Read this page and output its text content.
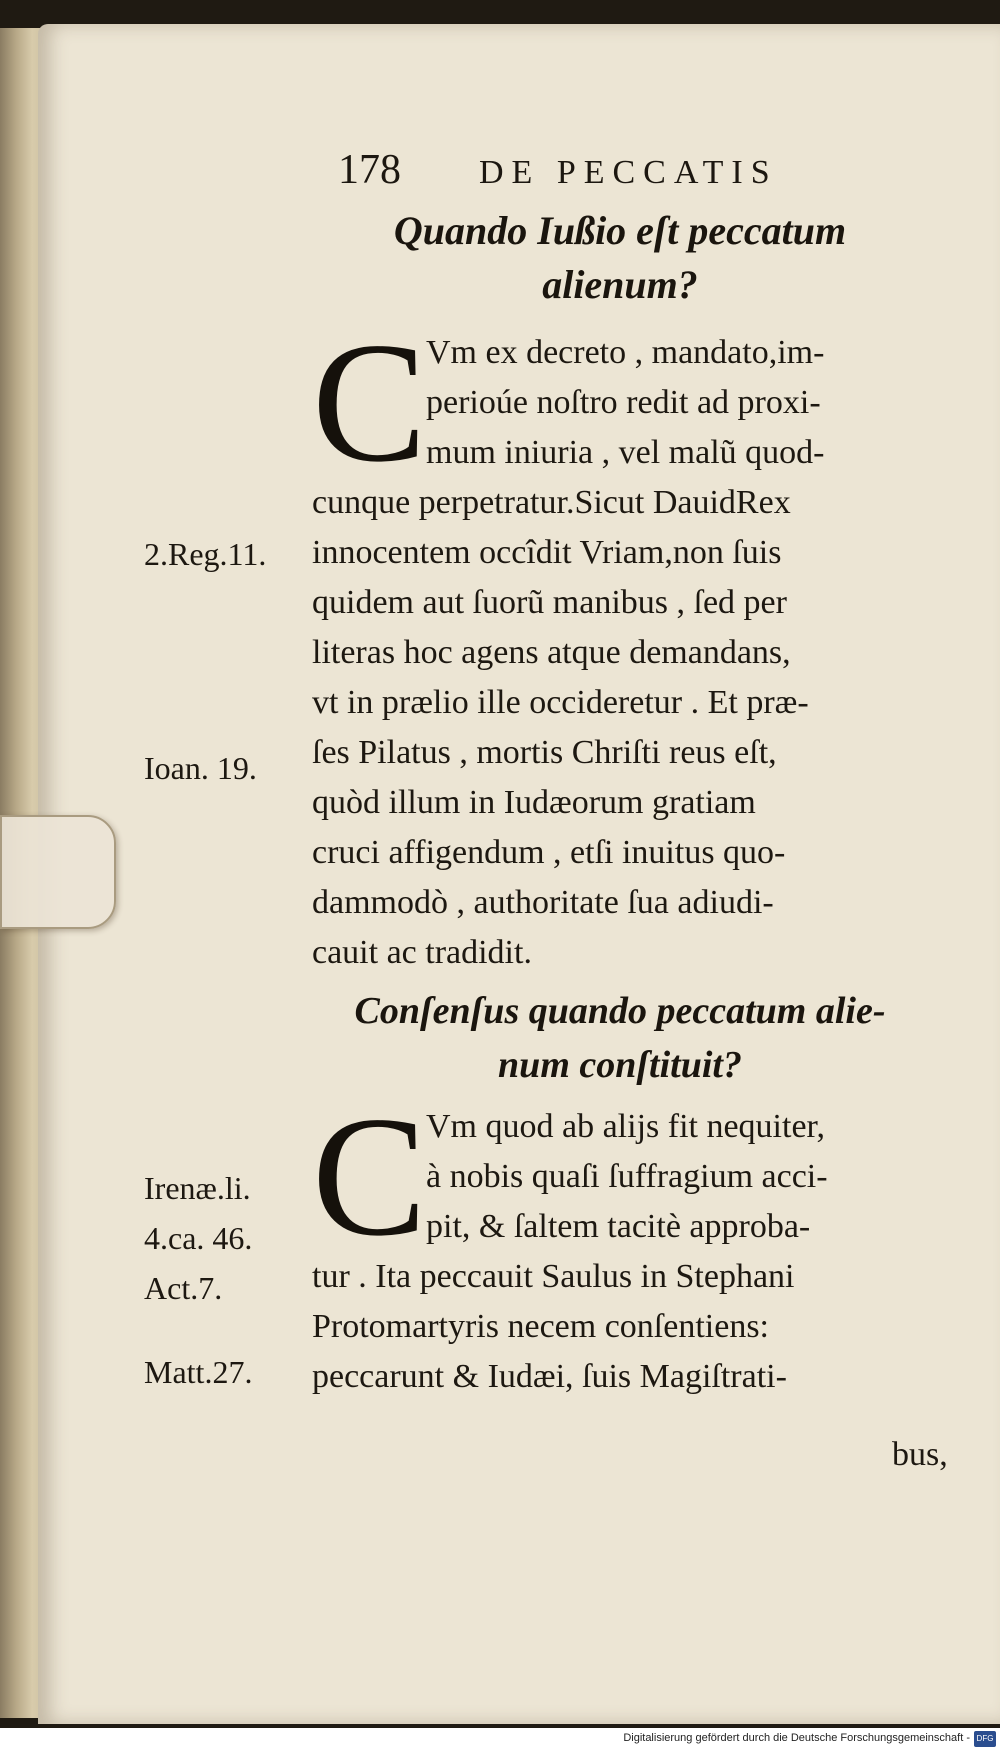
178 DE PECCATIS
Quando Iußio eſt peccatum
alienum?
C Vm ex decreto , mandato,im-
perioúe noſtro redit ad proxi-
mum iniuria , vel malũ quod-
cunque perpetratur.Sicut DauidRex
innocentem occîdit Vriam,non ſuis
quidem aut ſuorũ manibus , ſed per
literas hoc agens atque demandans,
vt in prælio ille occideretur . Et præ-
ſes Pilatus , mortis Chriſti reus eſt,
quòd illum in Iudæorum gratiam
cruci affigendum , etſi inuitus quo-
dammodò , authoritate ſua adiudi-
cauit ac tradidit.
2.Reg.11.
Ioan. 19.
Conſenſus quando peccatum alie-
num conſtituit?
C Vm quod ab alijs fit nequiter,
à nobis quaſi ſuffragium acci-
pit, & ſaltem tacitè approba-
tur . Ita peccauit Saulus in Stephani
Protomartyris necem conſentiens:
peccarunt & Iudæi, ſuis Magiſtrati-
Irenæ.li.
4.ca. 46.
Act.7.
Matt.27.
bus,
Digitalisierung gefördert durch die Deutsche Forschungsgemeinschaft - DFG
